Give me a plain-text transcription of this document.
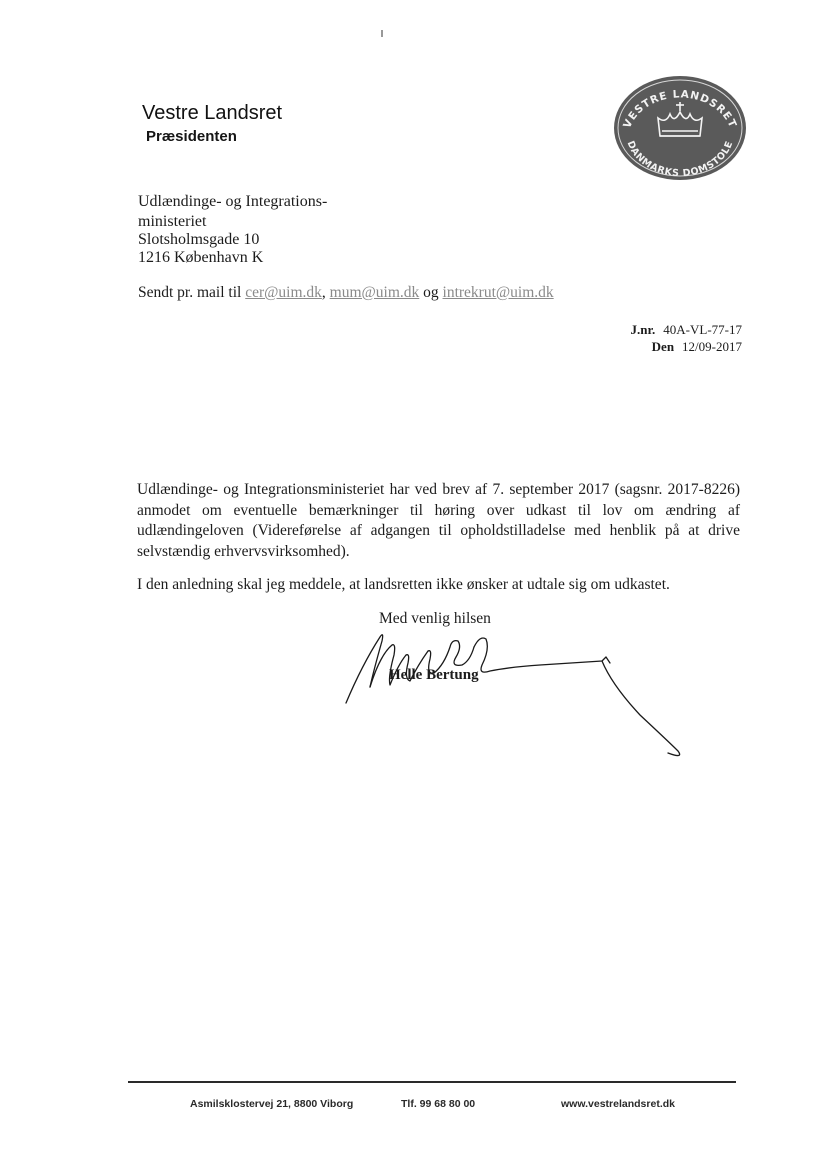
Vestre Landsret
Præsidenten
VESTRE LANDSRET
DANMARKS DOMSTOLE
Udlændinge- og Integrations-
ministeriet
Slotsholmsgade 10
1216 København K
Sendt pr. mail til cer@uim.dk, mum@uim.dk og intrekrut@uim.dk
J.nr. 40A-VL-77-17
Den 12/09-2017
Udlændinge- og Integrationsministeriet har ved brev af 7. september 2017 (sagsnr. 2017-8226) anmodet om eventuelle bemærkninger til høring over udkast til lov om ændring af udlændingeloven (Videreførelse af adgangen til opholdstilladelse med henblik på at drive selvstændig erhvervsvirksomhed).
I den anledning skal jeg meddele, at landsretten ikke ønsker at udtale sig om udkastet.
Med venlig hilsen
Helle Bertung
Asmilsklostervej 21, 8800 Viborg	Tlf. 99 68 80 00	www.vestrelandsret.dk
